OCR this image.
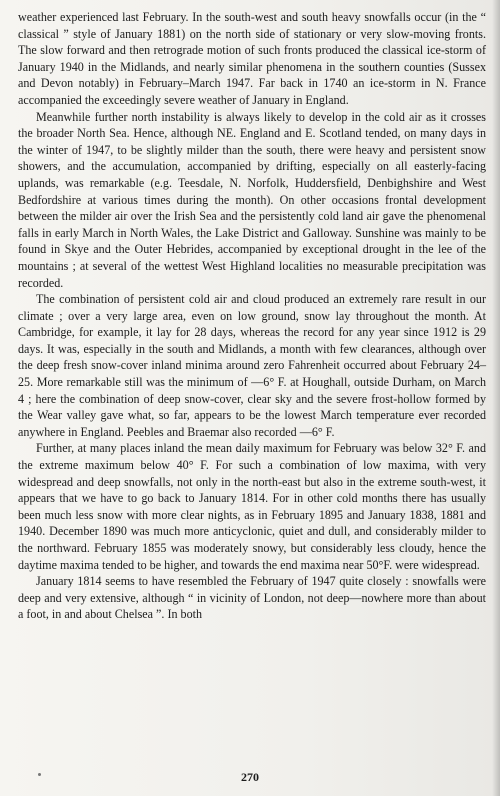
weather experienced last February. In the south-west and south heavy snowfalls occur (in the “ classical ” style of January 1881) on the north side of stationary or very slow-moving fronts. The slow forward and then retrograde motion of such fronts produced the classical ice-storm of January 1940 in the Midlands, and nearly similar phenomena in the southern counties (Sussex and Devon notably) in February–March 1947. Far back in 1740 an ice-storm in N. France accompanied the exceedingly severe weather of January in England.

Meanwhile further north instability is always likely to develop in the cold air as it crosses the broader North Sea. Hence, although NE. England and E. Scotland tended, on many days in the winter of 1947, to be slightly milder than the south, there were heavy and persistent snow showers, and the accumulation, accompanied by drifting, especially on all easterly-facing uplands, was remarkable (e.g. Teesdale, N. Norfolk, Huddersfield, Denbighshire and West Bedfordshire at various times during the month). On other occasions frontal development between the milder air over the Irish Sea and the persistently cold land air gave the phenomenal falls in early March in North Wales, the Lake District and Galloway. Sunshine was mainly to be found in Skye and the Outer Hebrides, accompanied by exceptional drought in the lee of the mountains ; at several of the wettest West Highland localities no measurable precipitation was recorded.

The combination of persistent cold air and cloud produced an extremely rare result in our climate ; over a very large area, even on low ground, snow lay throughout the month. At Cambridge, for example, it lay for 28 days, whereas the record for any year since 1912 is 29 days. It was, especially in the south and Midlands, a month with few clearances, although over the deep fresh snow-cover inland minima around zero Fahrenheit occurred about February 24–25. More remarkable still was the minimum of —6° F. at Houghall, outside Durham, on March 4 ; here the combination of deep snow-cover, clear sky and the severe frost-hollow formed by the Wear valley gave what, so far, appears to be the lowest March temperature ever recorded anywhere in England. Peebles and Braemar also recorded —6° F.

Further, at many places inland the mean daily maximum for February was below 32° F. and the extreme maximum below 40° F. For such a combination of low maxima, with very widespread and deep snowfalls, not only in the north-east but also in the extreme south-west, it appears that we have to go back to January 1814. For in other cold months there has usually been much less snow with more clear nights, as in February 1895 and January 1838, 1881 and 1940. December 1890 was much more anticyclonic, quiet and dull, and considerably milder to the northward. February 1855 was moderately snowy, but considerably less cloudy, hence the daytime maxima tended to be higher, and towards the end maxima near 50°F. were widespread.

January 1814 seems to have resembled the February of 1947 quite closely : snowfalls were deep and very extensive, although “ in vicinity of London, not deep—nowhere more than about a foot, in and about Chelsea ”. In both

270
